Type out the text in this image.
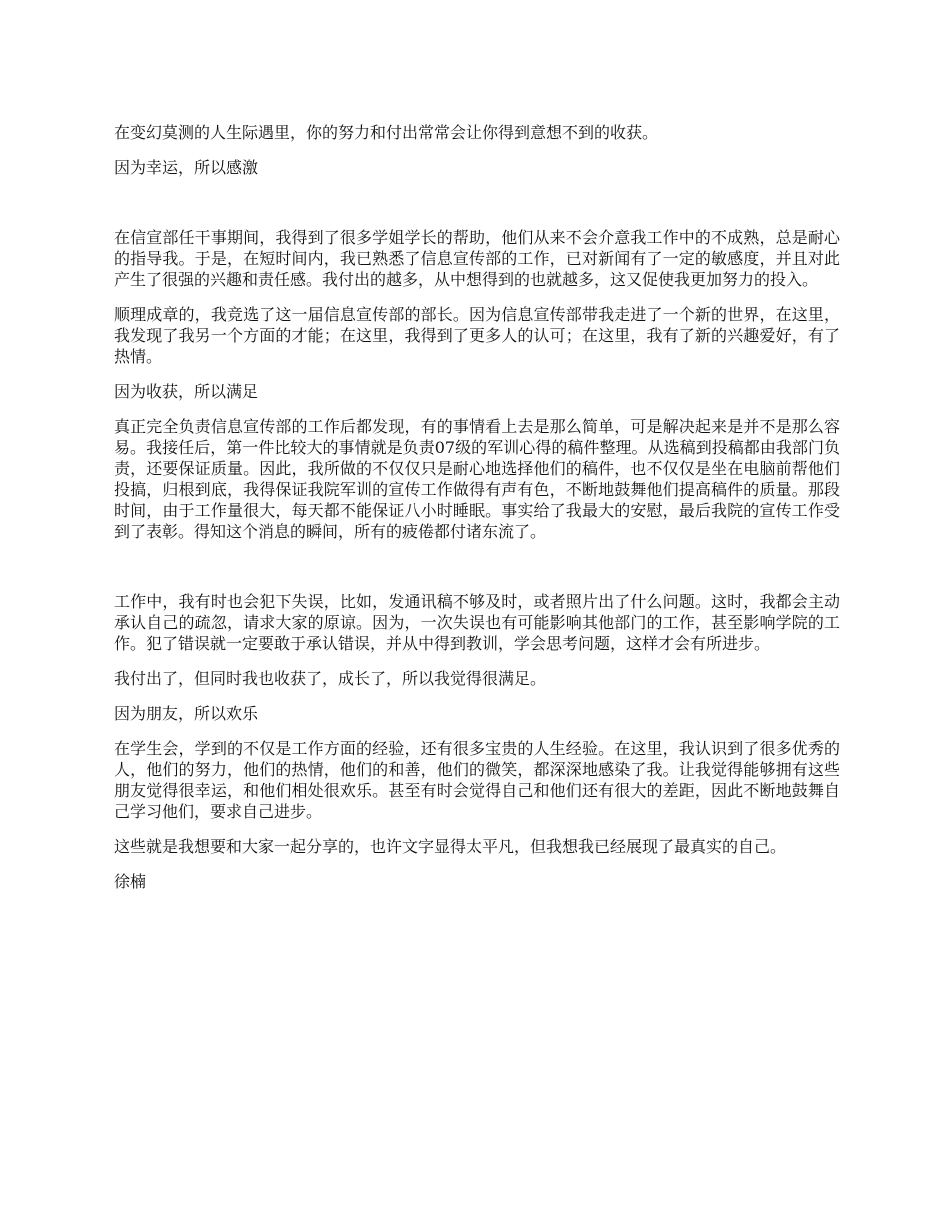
在变幻莫测的人生际遇里，你的努力和付出常常会让你得到意想不到的收获。

因为幸运，所以感激

在信宣部任干事期间，我得到了很多学姐学长的帮助，他们从来不会介意我工作中的不成熟，总是耐心的指导我。于是，在短时间内，我已熟悉了信息宣传部的工作，已对新闻有了一定的敏感度，并且对此产生了很强的兴趣和责任感。我付出的越多，从中想得到的也就越多，这又促使我更加努力的投入。

顺理成章的，我竞选了这一届信息宣传部的部长。因为信息宣传部带我走进了一个新的世界，在这里，我发现了我另一个方面的才能；在这里，我得到了更多人的认可；在这里，我有了新的兴趣爱好，有了热情。

因为收获，所以满足

真正完全负责信息宣传部的工作后都发现，有的事情看上去是那么简单，可是解决起来是并不是那么容易。我接任后，第一件比较大的事情就是负责07级的军训心得的稿件整理。从选稿到投稿都由我部门负责，还要保证质量。因此，我所做的不仅仅只是耐心地选择他们的稿件，也不仅仅是坐在电脑前帮他们投搞，归根到底，我得保证我院军训的宣传工作做得有声有色，不断地鼓舞他们提高稿件的质量。那段时间，由于工作量很大，每天都不能保证八小时睡眠。事实给了我最大的安慰，最后我院的宣传工作受到了表彰。得知这个消息的瞬间，所有的疲倦都付诸东流了。

工作中，我有时也会犯下失误，比如，发通讯稿不够及时，或者照片出了什么问题。这时，我都会主动承认自己的疏忽，请求大家的原谅。因为，一次失误也有可能影响其他部门的工作，甚至影响学院的工作。犯了错误就一定要敢于承认错误，并从中得到教训，学会思考问题，这样才会有所进步。

我付出了，但同时我也收获了，成长了，所以我觉得很满足。

因为朋友，所以欢乐

在学生会，学到的不仅是工作方面的经验，还有很多宝贵的人生经验。在这里，我认识到了很多优秀的人，他们的努力，他们的热情，他们的和善，他们的微笑，都深深地感染了我。让我觉得能够拥有这些朋友觉得很幸运，和他们相处很欢乐。甚至有时会觉得自己和他们还有很大的差距，因此不断地鼓舞自己学习他们，要求自己进步。

这些就是我想要和大家一起分享的，也许文字显得太平凡，但我想我已经展现了最真实的自己。

徐楠
